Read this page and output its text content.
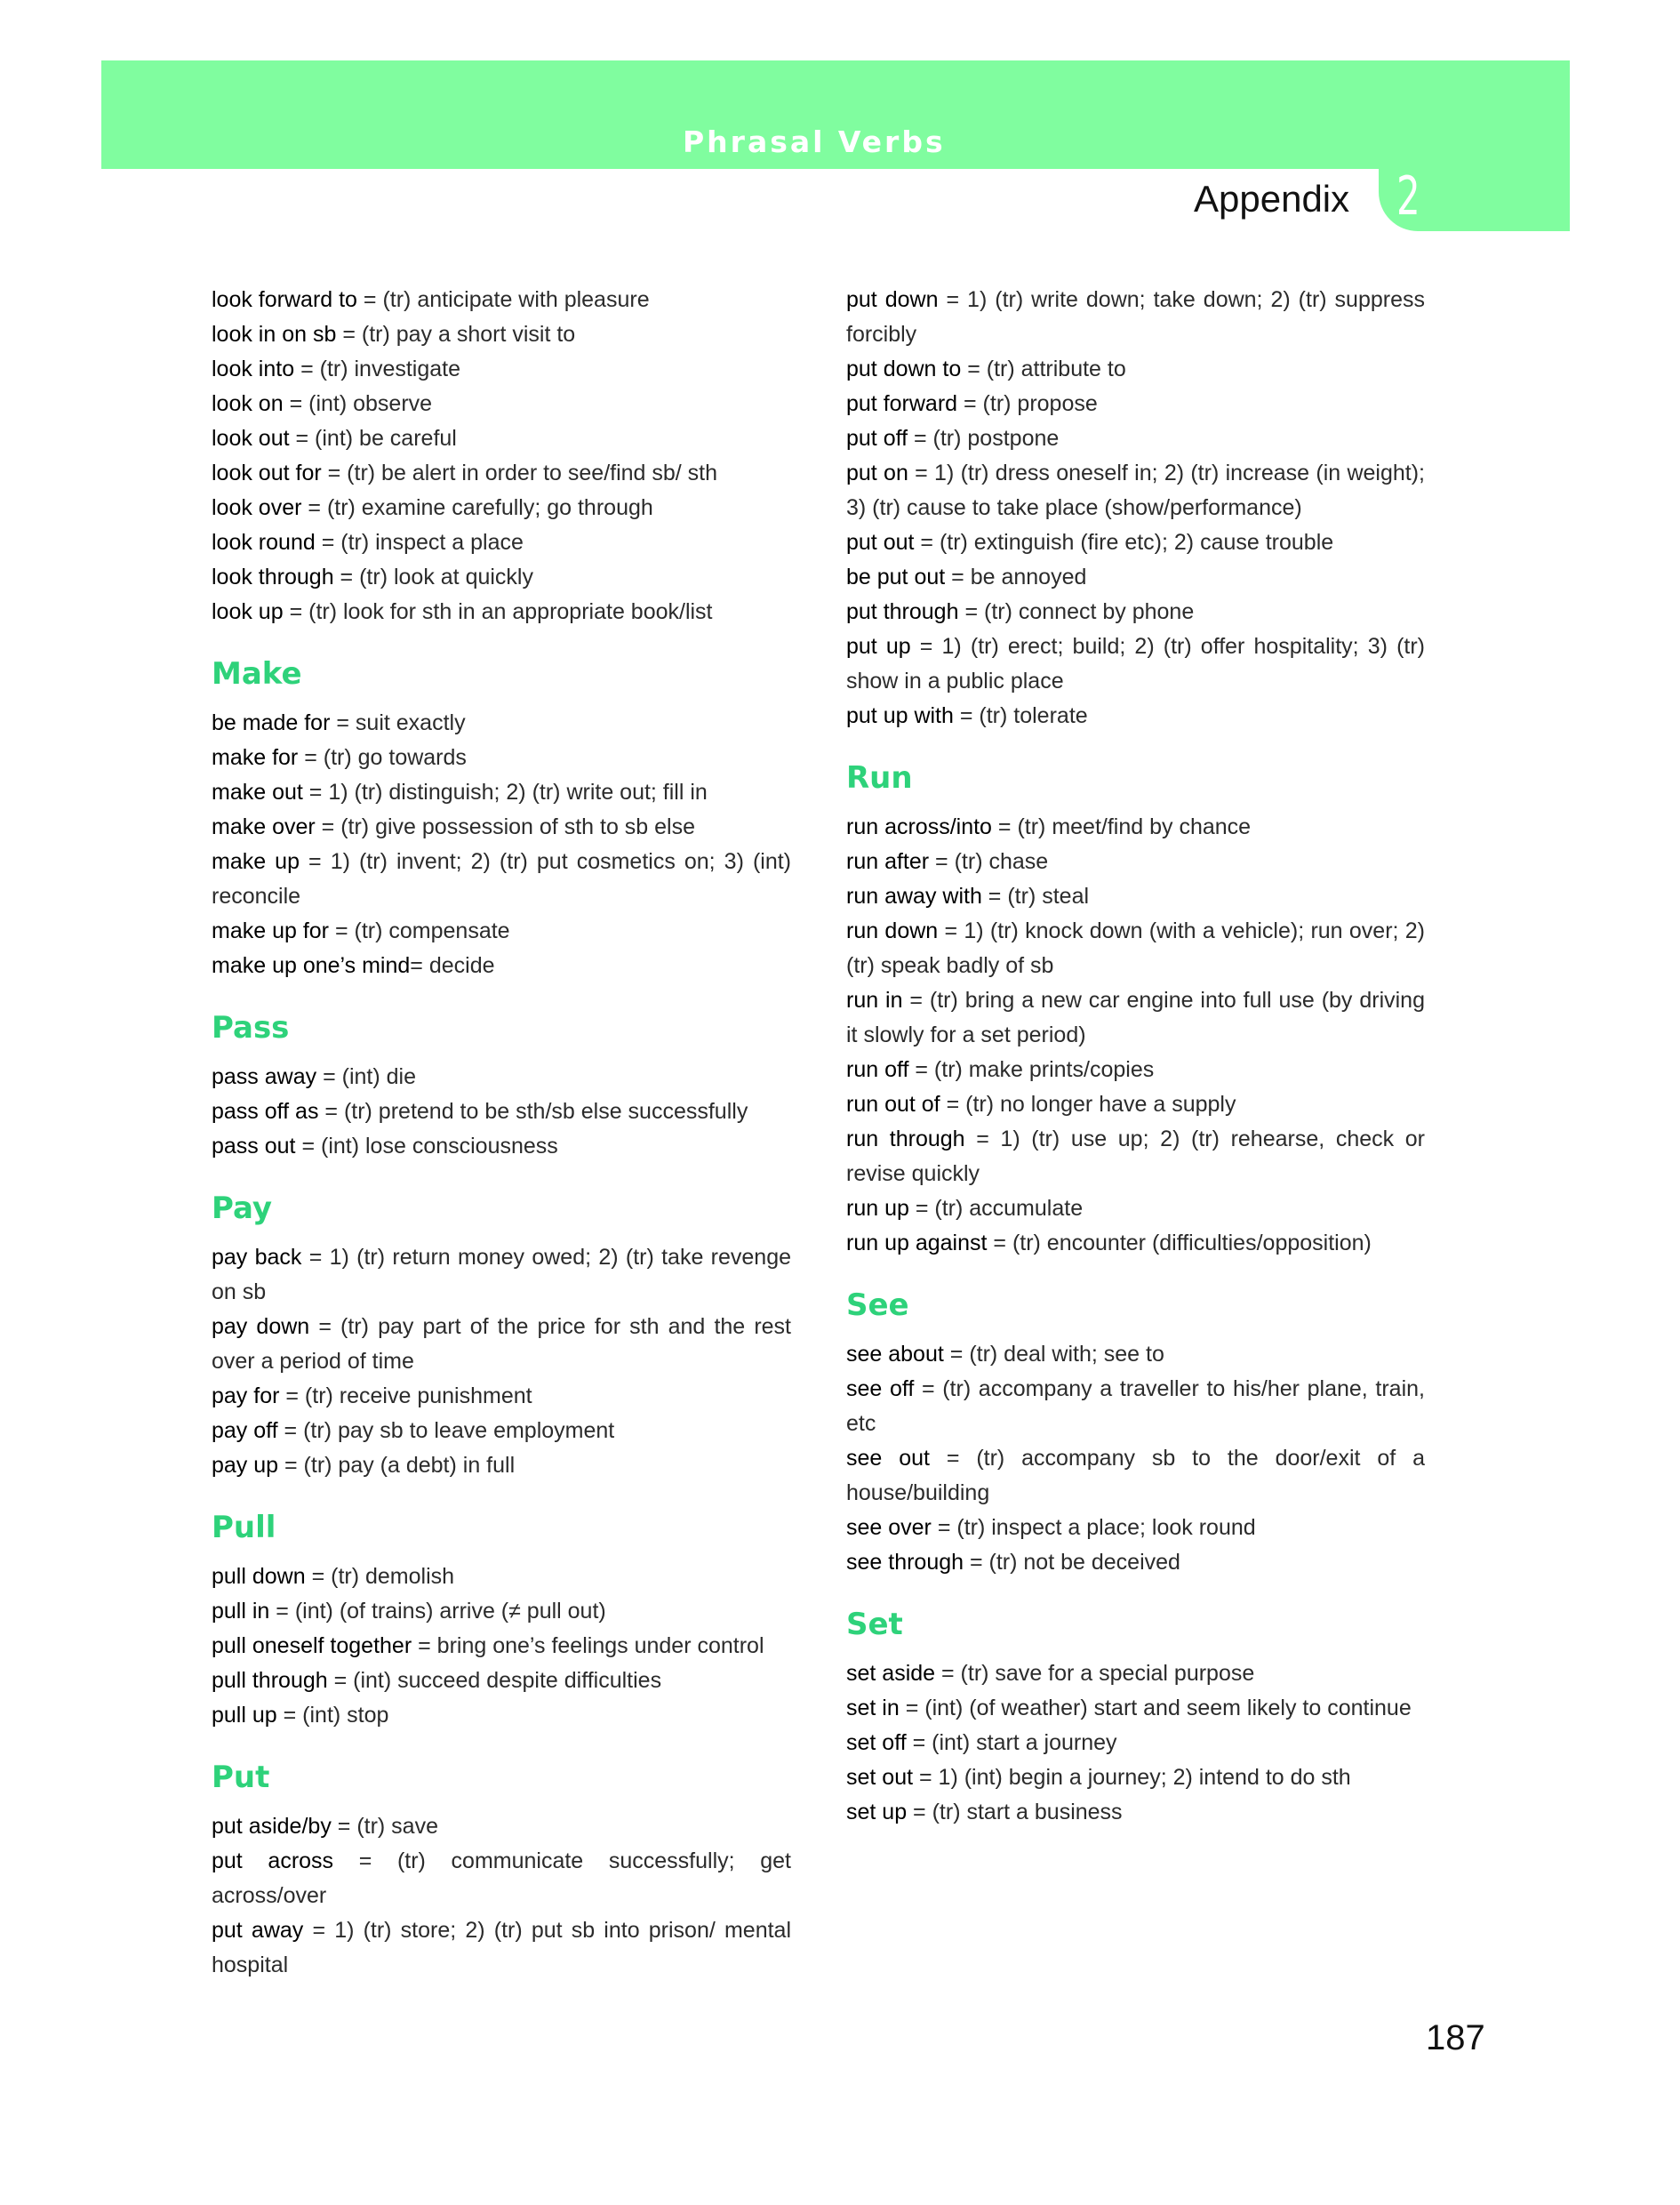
Phrasal Verbs
Appendix 2

look forward to = (tr) anticipate with pleasure

look in on sb = (tr) pay a short visit to

look into = (tr) investigate

look on = (int) observe

look out = (int) be careful

look out for = (tr) be alert in order to see/find sb/ sth

look over = (tr) examine carefully; go through

look round = (tr) inspect a place

look through = (tr) look at quickly

look up = (tr) look for sth in an appropriate book/list

Make

be made for = suit exactly

make for = (tr) go towards

make out = 1) (tr) distinguish; 2) (tr) write out; fill in

make over = (tr) give possession of sth to sb else

make up = 1) (tr) invent; 2) (tr) put cosmetics on; 3) (int) reconcile

make up for = (tr) compensate

make up one’s mind= decide

Pass

pass away = (int) die

pass off as = (tr) pretend to be sth/sb else successfully

pass out = (int) lose consciousness

Pay

pay back = 1) (tr) return money owed; 2) (tr) take revenge on sb

pay down = (tr) pay part of the price for sth and the rest over a period of time

pay for = (tr) receive punishment

pay off = (tr) pay sb to leave employment

pay up = (tr) pay (a debt) in full

Pull

pull down = (tr) demolish

pull in = (int) (of trains) arrive (≠ pull out)

pull oneself together = bring one’s feelings under control

pull through = (int) succeed despite difficulties

pull up = (int) stop

Put

put aside/by = (tr) save

put across = (tr) communicate successfully; get across/over

put away = 1) (tr) store; 2) (tr) put sb into prison/ mental hospital

put down = 1) (tr) write down; take down; 2) (tr) suppress forcibly

put down to = (tr) attribute to

put forward = (tr) propose

put off = (tr) postpone

put on = 1) (tr) dress oneself in; 2) (tr) increase (in weight); 3) (tr) cause to take place (show/performance)

put out = (tr) extinguish (fire etc); 2) cause trouble

be put out = be annoyed

put through = (tr) connect by phone

put up = 1) (tr) erect; build; 2) (tr) offer hospitality; 3) (tr) show in a public place

put up with = (tr) tolerate

Run

run across/into = (tr) meet/find by chance

run after = (tr) chase

run away with = (tr) steal

run down = 1) (tr) knock down (with a vehicle); run over; 2) (tr) speak badly of sb

run in = (tr) bring a new car engine into full use (by driving it slowly for a set period)

run off = (tr) make prints/copies

run out of = (tr) no longer have a supply

run through = 1) (tr) use up; 2) (tr) rehearse, check or revise quickly

run up = (tr) accumulate

run up against = (tr) encounter (difficulties/opposition)

See

see about = (tr) deal with; see to

see off = (tr) accompany a traveller to his/her plane, train, etc

see out = (tr) accompany sb to the door/exit of a house/building

see over = (tr) inspect a place; look round

see through = (tr) not be deceived

Set

set aside = (tr) save for a special purpose

set in = (int) (of weather) start and seem likely to continue

set off = (int) start a journey

set out = 1) (int) begin a journey; 2) intend to do sth

set up = (tr) start a business

187
